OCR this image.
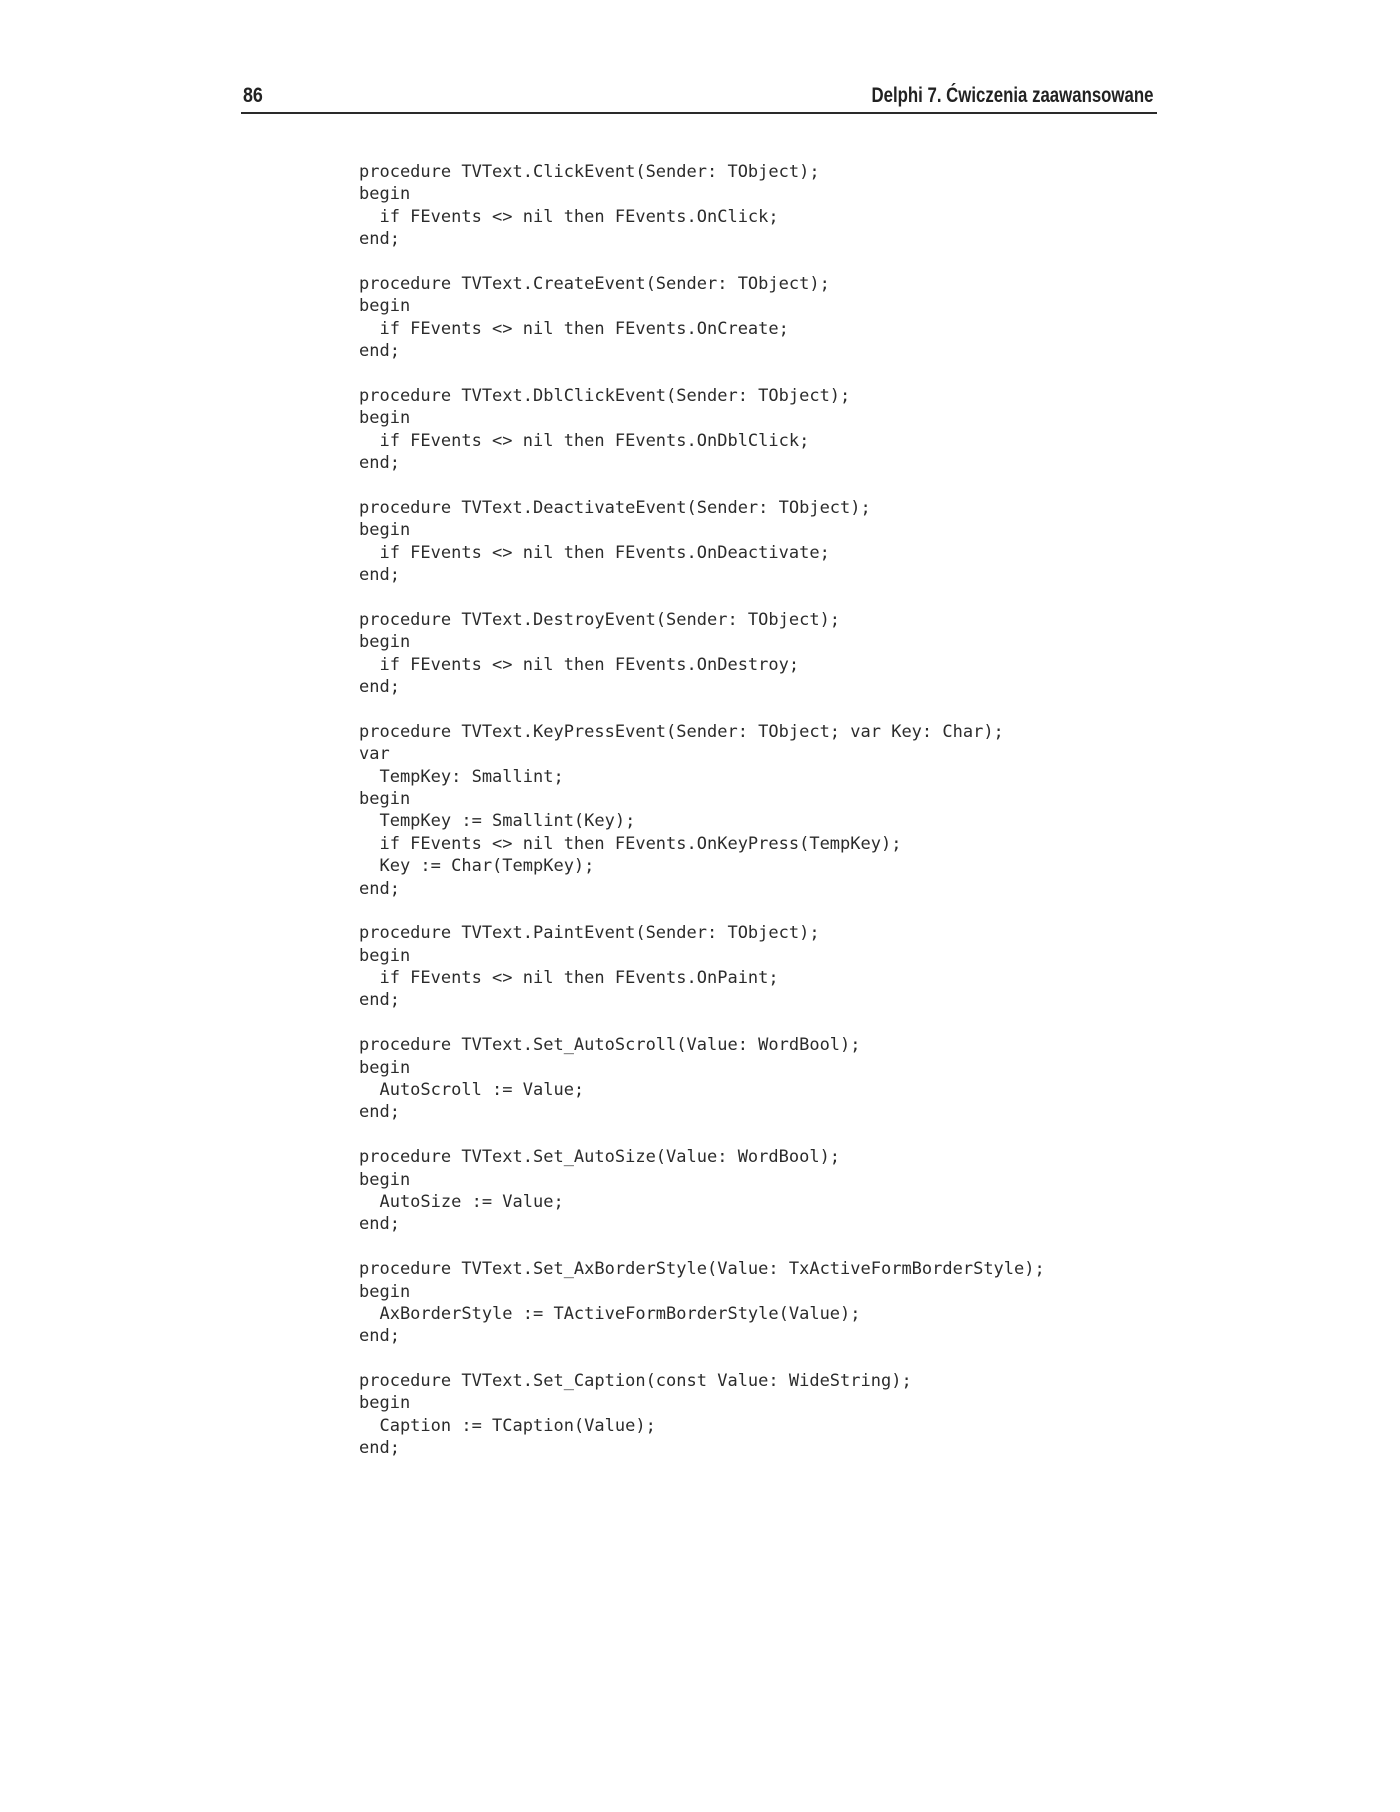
86	Delphi 7. Ćwiczenia zaawansowane
procedure TVText.ClickEvent(Sender: TObject);
begin
if FEvents <> nil then FEvents.OnClick;
end;

procedure TVText.CreateEvent(Sender: TObject);
begin
if FEvents <> nil then FEvents.OnCreate;
end;

procedure TVText.DblClickEvent(Sender: TObject);
begin
if FEvents <> nil then FEvents.OnDblClick;
end;

procedure TVText.DeactivateEvent(Sender: TObject);
begin
if FEvents <> nil then FEvents.OnDeactivate;
end;

procedure TVText.DestroyEvent(Sender: TObject);
begin
if FEvents <> nil then FEvents.OnDestroy;
end;

procedure TVText.KeyPressEvent(Sender: TObject; var Key: Char);
var
TempKey: Smallint;
begin
TempKey := Smallint(Key);
if FEvents <> nil then FEvents.OnKeyPress(TempKey);
Key := Char(TempKey);
end;

procedure TVText.PaintEvent(Sender: TObject);
begin
if FEvents <> nil then FEvents.OnPaint;
end;

procedure TVText.Set_AutoScroll(Value: WordBool);
begin
AutoScroll := Value;
end;

procedure TVText.Set_AutoSize(Value: WordBool);
begin
AutoSize := Value;
end;

procedure TVText.Set_AxBorderStyle(Value: TxActiveFormBorderStyle);
begin
AxBorderStyle := TActiveFormBorderStyle(Value);
end;

procedure TVText.Set_Caption(const Value: WideString);
begin
Caption := TCaption(Value);
end;
